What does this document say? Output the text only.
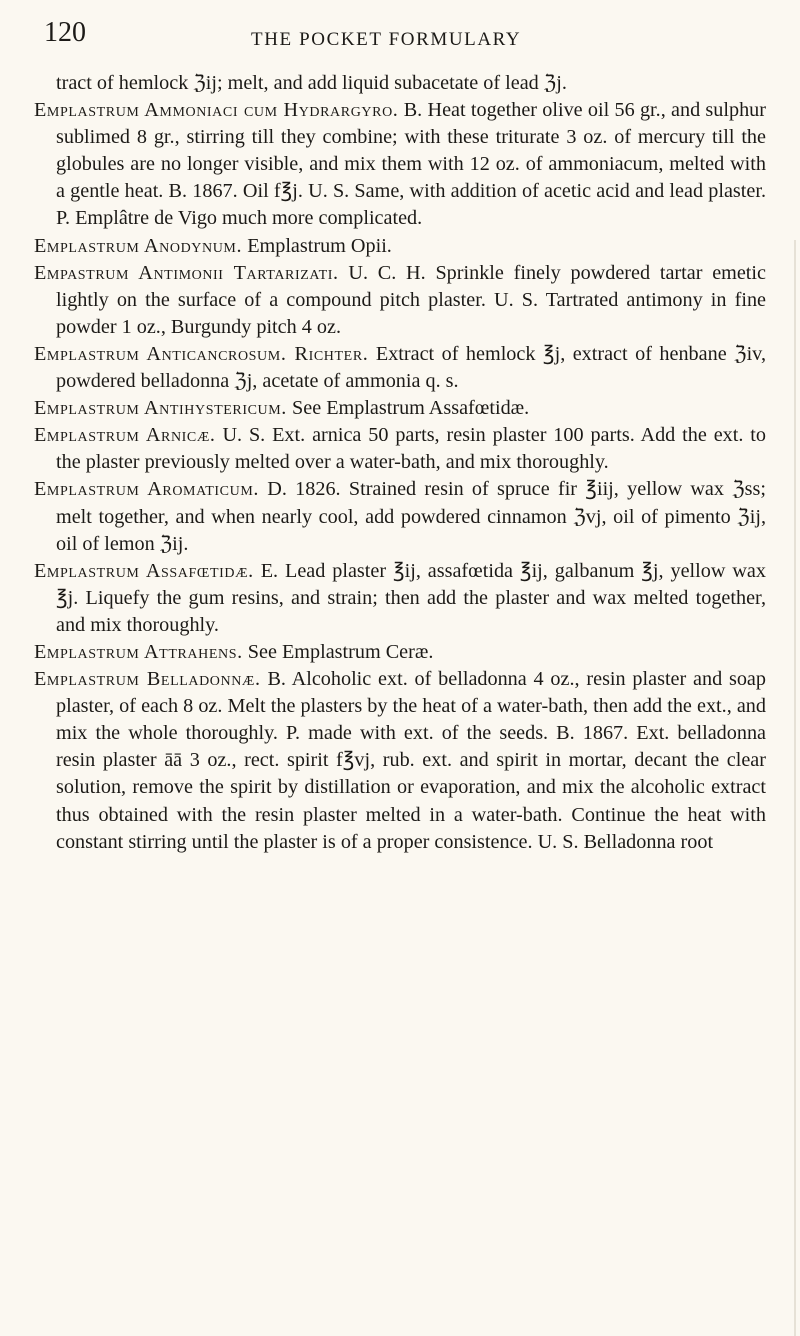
120	THE POCKET FORMULARY

tract of hemlock ℨij; melt, and add liquid subacetate of lead ℨj.

Emplastrum Ammoniaci cum Hydrargyro. B. Heat together olive oil 56 gr., and sulphur sublimed 8 gr., stirring till they combine; with these triturate 3 oz. of mercury till the globules are no longer visible, and mix them with 12 oz. of ammoniacum, melted with a gentle heat. B. 1867. Oil f℥j. U. S. Same, with addition of acetic acid and lead plaster. P. Emplâtre de Vigo much more complicated.

Emplastrum Anodynum. Emplastrum Opii.

Empastrum Antimonii Tartarizati. U. C. H. Sprinkle finely powdered tartar emetic lightly on the surface of a compound pitch plaster. U. S. Tartrated antimony in fine powder 1 oz., Burgundy pitch 4 oz.

Emplastrum Anticancrosum. Richter. Extract of hemlock ℥j, extract of henbane ℨiv, powdered belladonna ℨj, acetate of ammonia q. s.

Emplastrum Antihystericum. See Emplastrum Assafœtidæ.

Emplastrum Arnicæ. U. S. Ext. arnica 50 parts, resin plaster 100 parts. Add the ext. to the plaster previously melted over a water-bath, and mix thoroughly.

Emplastrum Aromaticum. D. 1826. Strained resin of spruce fir ℥iij, yellow wax ℨss; melt together, and when nearly cool, add powdered cinnamon ℨvj, oil of pimento ℨij, oil of lemon ℨij.

Emplastrum Assafœtidæ. E. Lead plaster ℥ij, assafœtida ℥ij, galbanum ℥j, yellow wax ℥j. Liquefy the gum resins, and strain; then add the plaster and wax melted together, and mix thoroughly.

Emplastrum Attrahens. See Emplastrum Ceræ.

Emplastrum Belladonnæ. B. Alcoholic ext. of belladonna 4 oz., resin plaster and soap plaster, of each 8 oz. Melt the plasters by the heat of a water-bath, then add the ext., and mix the whole thoroughly. P. made with ext. of the seeds. B. 1867. Ext. belladonna resin plaster āā 3 oz., rect. spirit f℥vj, rub. ext. and spirit in mortar, decant the clear solution, remove the spirit by distillation or evaporation, and mix the alcoholic extract thus obtained with the resin plaster melted in a water-bath. Continue the heat with constant stirring until the plaster is of a proper consistence. U. S. Belladonna root
